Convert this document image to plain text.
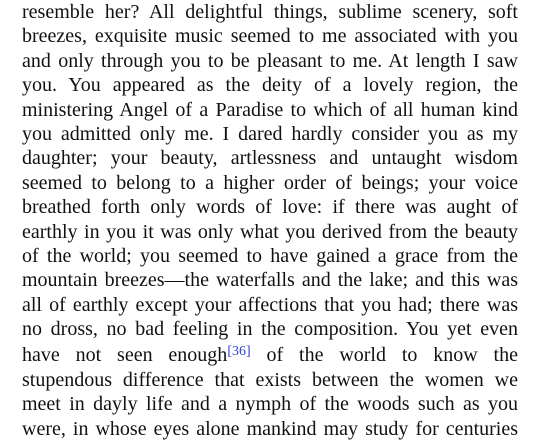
resemble her? All delightful things, sublime scenery, soft
breezes, exquisite music seemed to me associated with you
and only through you to be pleasant to me. At length I saw
you. You appeared as the deity of a lovely region, the
ministering Angel of a Paradise to which of all human kind
you admitted only me. I dared hardly consider you as my
daughter; your beauty, artlessness and untaught wisdom
seemed to belong to a higher order of beings; your voice
breathed forth only words of love: if there was aught of
earthly in you it was only what you derived from the beauty
of the world; you seemed to have gained a grace from the
mountain breezes—the waterfalls and the lake; and this was
all of earthly except your affections that you had; there was
no dross, no bad feeling in the composition. You yet even
have not seen enough[36] of the world to know the
stupendous difference that exists between the women we
meet in dayly life and a nymph of the woods such as you
were, in whose eyes alone mankind may study for centuries
